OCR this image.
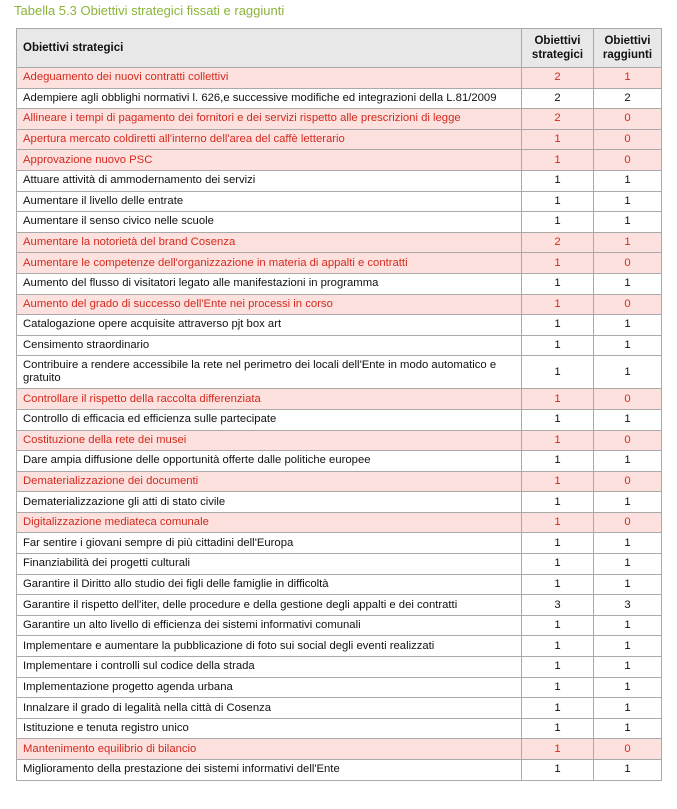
Tabella 5.3 Obiettivi strategici fissati e raggiunti
Obiettivi strategici	Obiettivi strategici	Obiettivi raggiunti
Adeguamento dei nuovi contratti collettivi	2	1
Adempiere agli obblighi normativi l. 626,e successive modifiche ed integrazioni della L.81/2009	2	2
Allineare i tempi di pagamento dei fornitori e dei servizi rispetto alle prescrizioni di legge	2	0
Apertura mercato coldiretti all'interno dell'area del caffè letterario	1	0
Approvazione nuovo PSC	1	0
Attuare attività di ammodernamento dei servizi	1	1
Aumentare il livello delle entrate	1	1
Aumentare il senso civico nelle scuole	1	1
Aumentare la notorietà del brand Cosenza	2	1
Aumentare le competenze dell'organizzazione in materia di appalti e contratti	1	0
Aumento del flusso di visitatori legato alle manifestazioni in programma	1	1
Aumento del grado di successo dell'Ente nei processi in corso	1	0
Catalogazione opere acquisite attraverso pjt box art	1	1
Censimento straordinario	1	1
Contribuire a rendere accessibile la rete nel perimetro dei locali dell'Ente in modo automatico e gratuito	1	1
Controllare il rispetto della raccolta differenziata	1	0
Controllo di efficacia ed efficienza sulle partecipate	1	1
Costituzione della rete dei musei	1	0
Dare ampia diffusione delle opportunità offerte dalle politiche europee	1	1
Dematerializzazione dei documenti	1	0
Dematerializzazione gli atti di stato civile	1	1
Digitalizzazione mediateca comunale	1	0
Far sentire i giovani sempre di più cittadini dell'Europa	1	1
Finanziabilità dei progetti culturali	1	1
Garantire il Diritto allo studio dei figli delle famiglie in difficoltà	1	1
Garantire il rispetto dell'iter, delle procedure e della gestione degli appalti e dei contratti	3	3
Garantire un alto livello di efficienza dei sistemi informativi comunali	1	1
Implementare e aumentare la pubblicazione di foto sui social degli eventi realizzati	1	1
Implementare i controlli sul codice della strada	1	1
Implementazione progetto agenda urbana	1	1
Innalzare il grado di legalità nella città di Cosenza	1	1
Istituzione e tenuta registro unico	1	1
Mantenimento equilibrio di bilancio	1	0
Miglioramento della prestazione dei sistemi informativi dell'Ente	1	1
